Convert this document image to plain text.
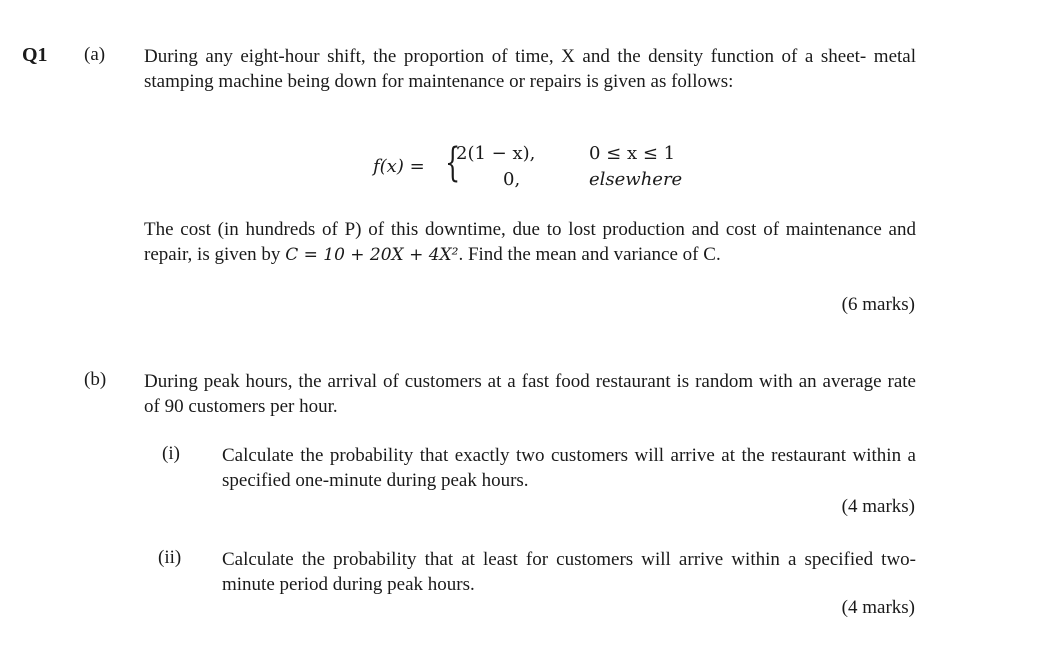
Q1 (a) During any eight-hour shift, the proportion of time, X and the density function of a sheet- metal stamping machine being down for maintenance or repairs is given as follows:
f(x) = {
2(1 − x),
0,
0 ≤ x ≤ 1
elsewhere
The cost (in hundreds of P) of this downtime, due to lost production and cost of maintenance and repair, is given by C = 10 + 20X + 4X². Find the mean and variance of C.
(6 marks)
(b) During peak hours, the arrival of customers at a fast food restaurant is random with an average rate of 90 customers per hour.
(i) Calculate the probability that exactly two customers will arrive at the restaurant within a specified one-minute during peak hours.
(4 marks)
(ii) Calculate the probability that at least for customers will arrive within a specified two-minute period during peak hours.
(4 marks)
